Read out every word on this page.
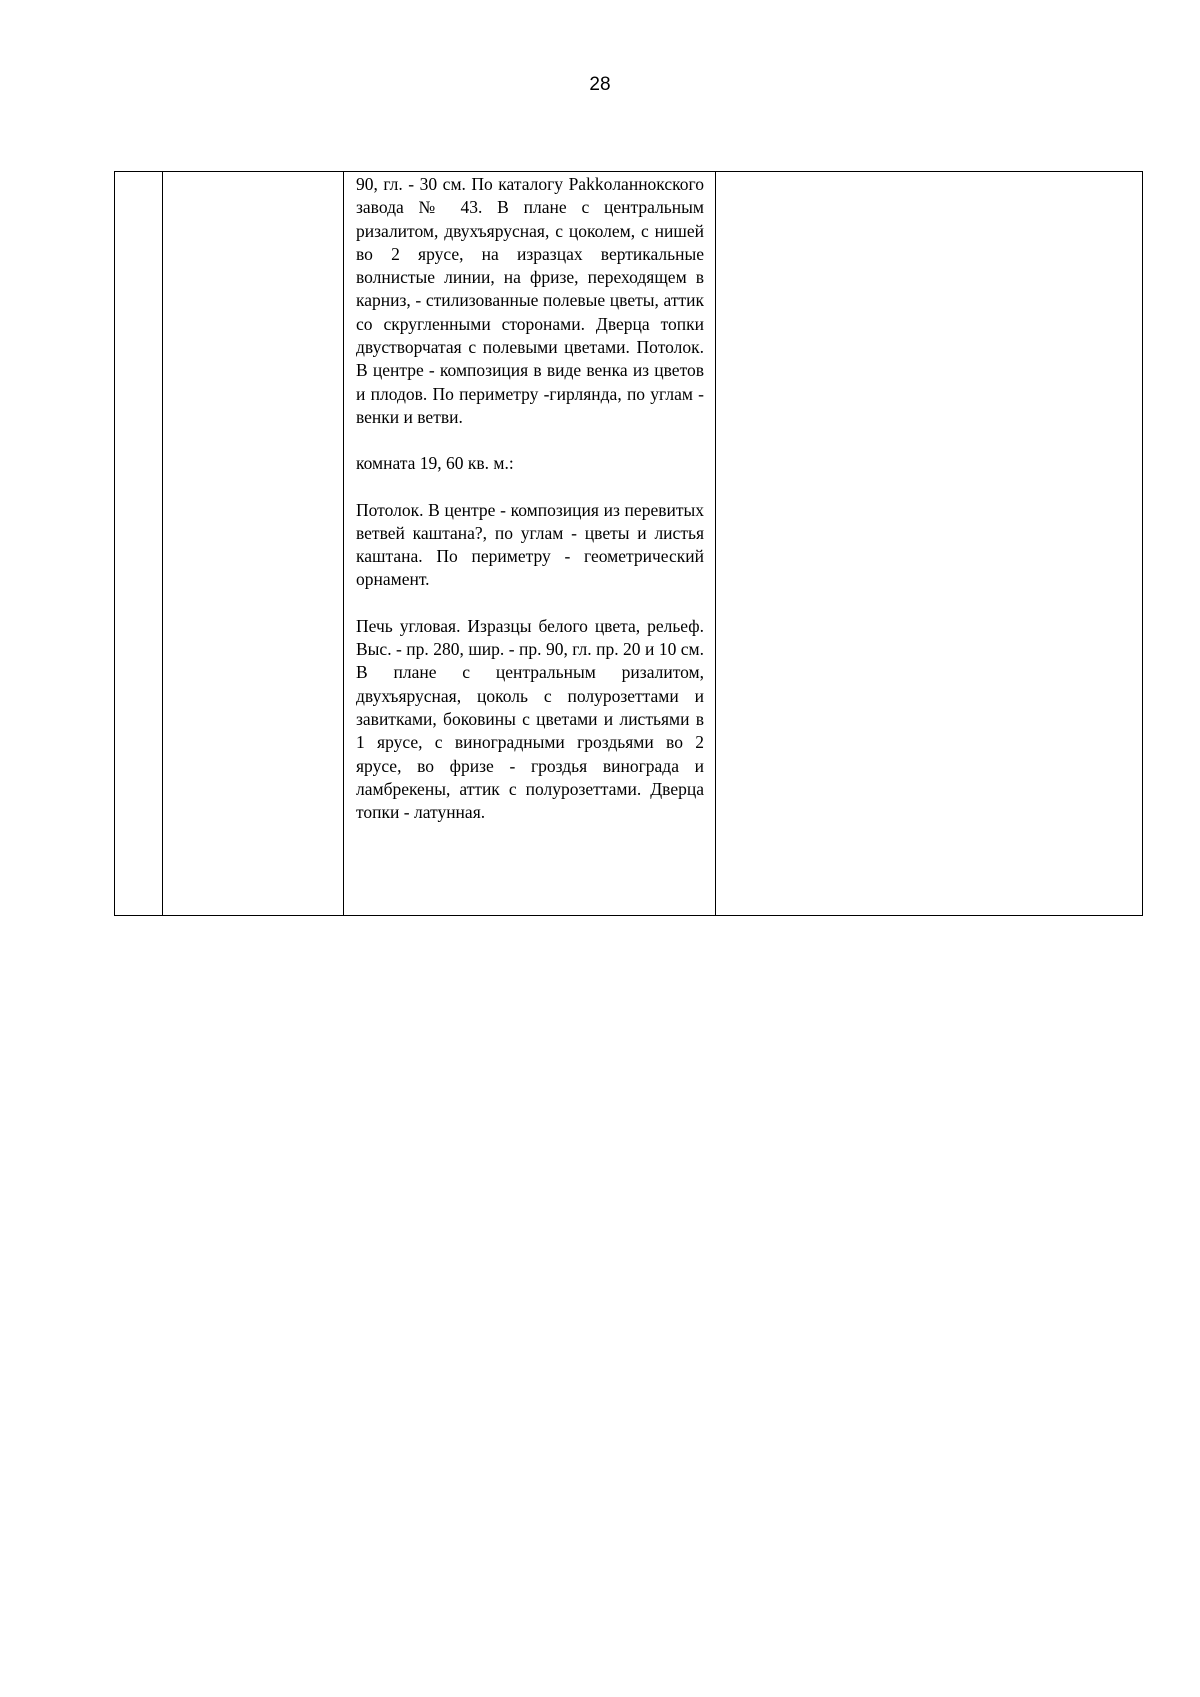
28

90, гл. - 30 см. По каталогу Рakkoланнокского завода № 43. В плане с центральным ризалитом, двухъярусная, с цоколем, с нишей во 2 ярусе, на изразцах вертикальные волнистые линии, на фризе, переходящем в карниз, - стилизованные полевые цветы, аттик со скругленными сторонами. Дверца топки двустворчатая с полевыми цветами. Потолок. В центре - композиция в виде венка из цветов и плодов. По периметру -гирлянда, по углам - венки и ветви.

комната 19, 60 кв. м.:

Потолок. В центре - композиция из перевитых ветвей каштана?, по углам - цветы и листья каштана. По периметру - геометрический орнамент.

Печь угловая. Изразцы белого цвета, рельеф. Выс. - пр. 280, шир. - пр. 90, гл. пр. 20 и 10 см. В плане с центральным ризалитом, двухъярусная, цоколь с полурозеттами и завитками, боковины с цветами и листьями в 1 ярусе, с виноградными гроздьями во 2 ярусе, во фризе - гроздья винограда и ламбрекены, аттик с полурозеттами. Дверца топки - латунная.
